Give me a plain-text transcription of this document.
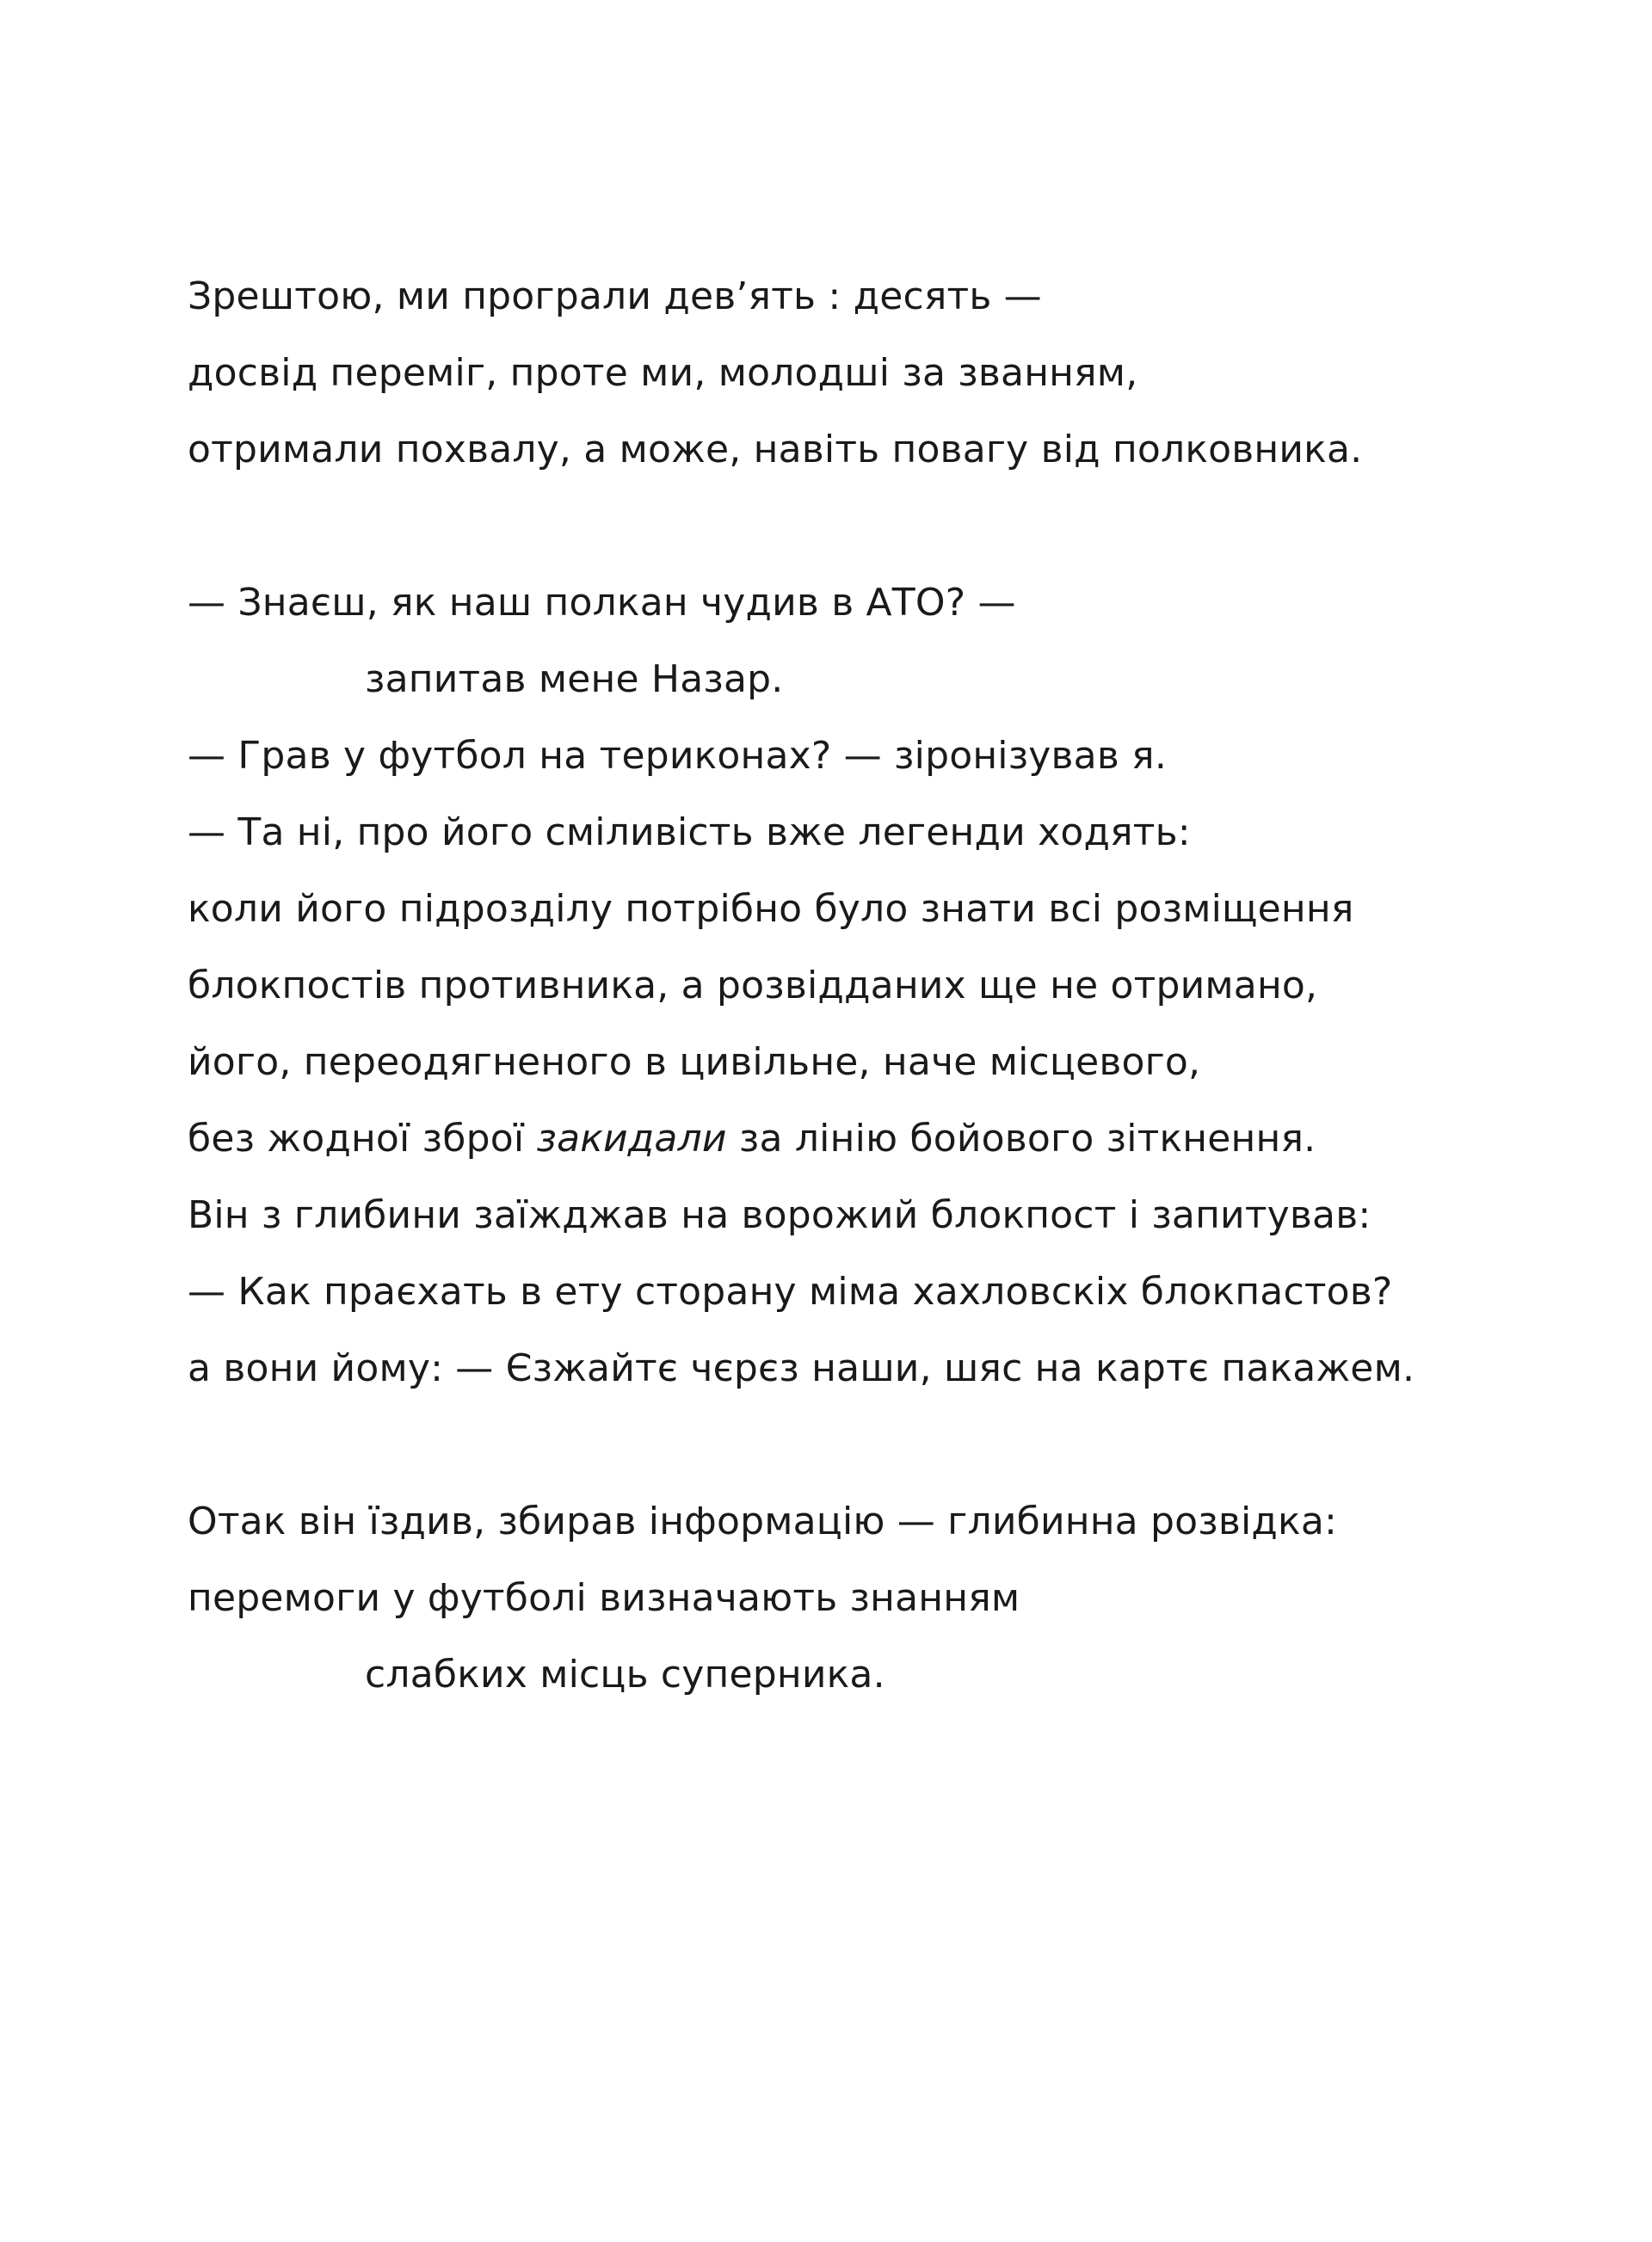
Зрештою, ми програли дев’ять : десять —
досвід переміг, проте ми, молодші за званням,
отримали похвалу, а може, навіть повагу від полковника.
— Знаєш, як наш полкан чудив в АТО? —
запитав мене Назар.
— Грав у футбол на териконах? — зіронізував я.
— Та ні, про його сміливість вже легенди ходять:
коли його підрозділу потрібно було знати всі розміщення
блокпостів противника, а розвідданих ще не отримано,
його, переодягненого в цивільне, наче місцевого,
без жодної зброї закидали за лінію бойового зіткнення.
Він з глибини заїжджав на ворожий блокпост і запитував:
— Как праєхать в ету сторану міма хахловскіх блокпастов?
а вони йому: — Єзжайтє чєрєз наши, шяс на картє пакажем.
Отак він їздив, збирав інформацію — глибинна розвідка:
перемоги у футболі визначають знанням
слабких місць суперника.
